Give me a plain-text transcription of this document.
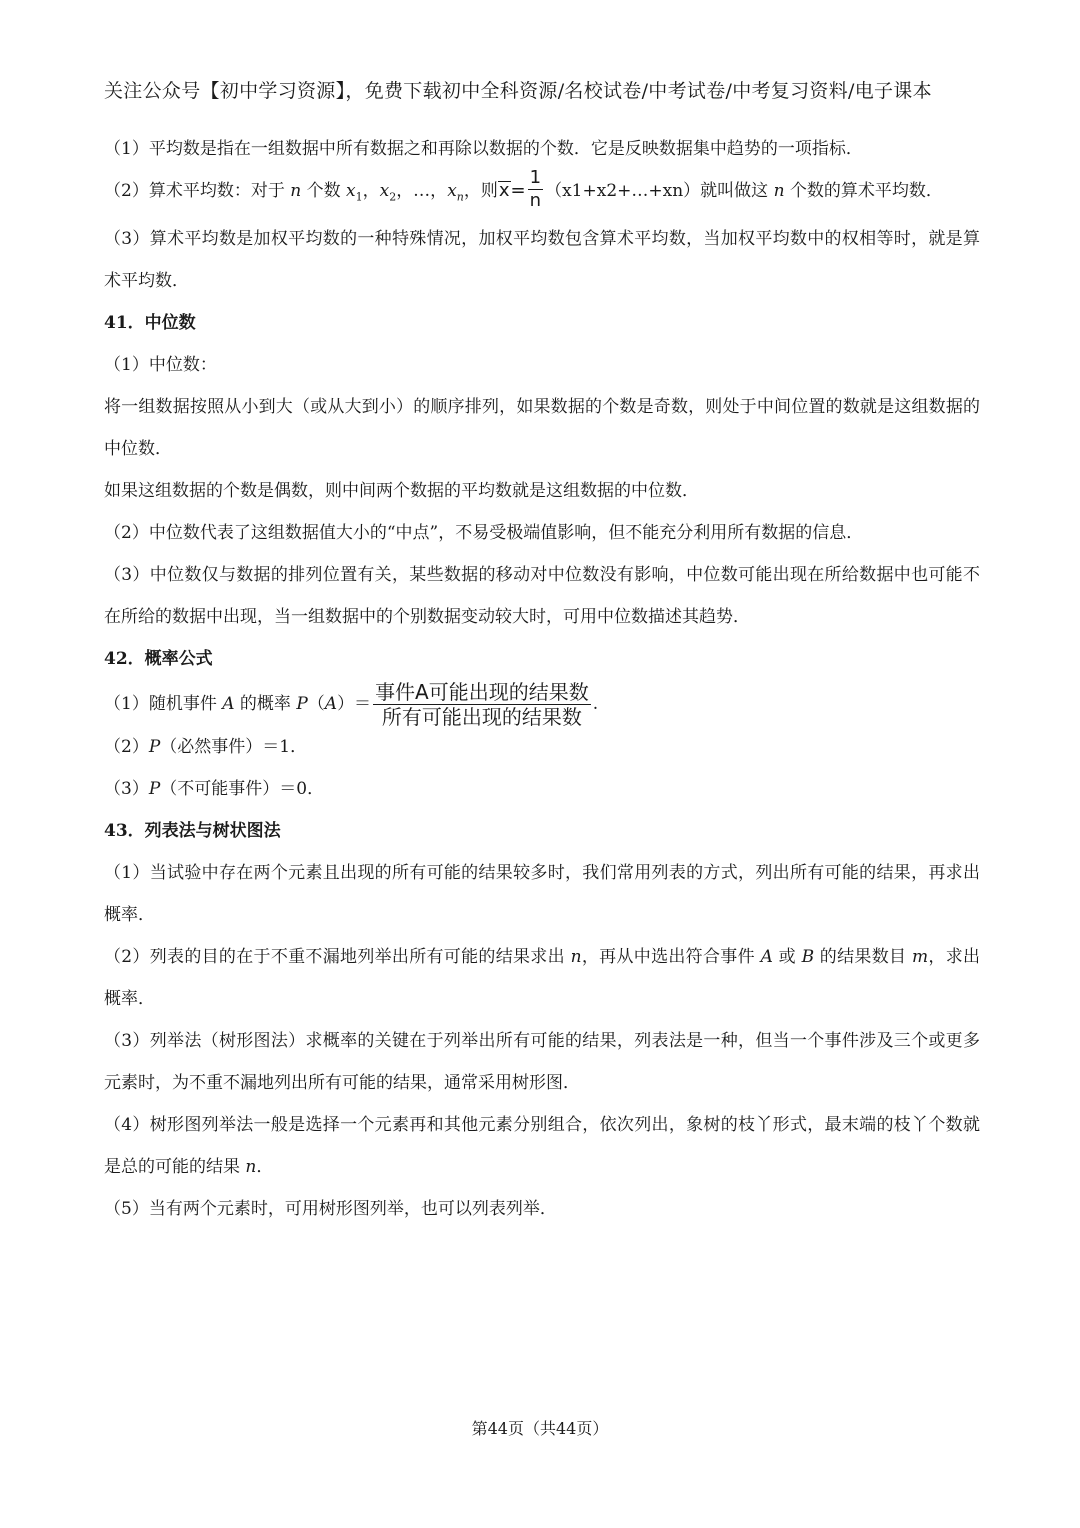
关注公众号【初中学习资源】，免费下载初中全科资源/名校试卷/中考试卷/中考复习资料/电子课本

（1）平均数是指在一组数据中所有数据之和再除以数据的个数．它是反映数据集中趋势的一项指标．

（2）算术平均数：对于 n 个数 $x_1$，$x_2$，…，$x_n$，则$x= \frac{1}{n}$ （x1+x2+…+xn）就叫做这 n 个数的算术平均数．

（3）算术平均数是加权平均数的一种特殊情况，加权平均数包含算术平均数，当加权平均数中的权相等时，就是算术平均数．

41．中位数

（1）中位数：

将一组数据按照从小到大（或从大到小）的顺序排列，如果数据的个数是奇数，则处于中间位置的数就是这组数据的中位数．

如果这组数据的个数是偶数，则中间两个数据的平均数就是这组数据的中位数．

（2）中位数代表了这组数据值大小的“中点”，不易受极端值影响，但不能充分利用所有数据的信息．

（3）中位数仅与数据的排列位置有关，某些数据的移动对中位数没有影响，中位数可能出现在所给数据中也可能不在所给的数据中出现，当一组数据中的个别数据变动较大时，可用中位数描述其趋势．

42．概率公式

（1）随机事件 A 的概率 $P(A)= \frac{\text{事件A可能出现的结果数}}{\text{所有可能出现的结果数}}$ .

（2）P（必然事件）＝1．

（3）P（不可能事件）＝0．

43．列表法与树状图法

（1）当试验中存在两个元素且出现的所有可能的结果较多时，我们常用列表的方式，列出所有可能的结果，再求出概率．

（2）列表的目的在于不重不漏地列举出所有可能的结果求出 n，再从中选出符合事件 A 或 B 的结果数目 m，求出概率．

（3）列举法（树形图法）求概率的关键在于列举出所有可能的结果，列表法是一种，但当一个事件涉及三个或更多元素时，为不重不漏地列出所有可能的结果，通常采用树形图．

（4）树形图列举法一般是选择一个元素再和其他元素分别组合，依次列出，象树的枝丫形式，最末端的枝丫个数就是总的可能的结果 n．

（5）当有两个元素时，可用树形图列举，也可以列表列举．

第44页（共44页）
